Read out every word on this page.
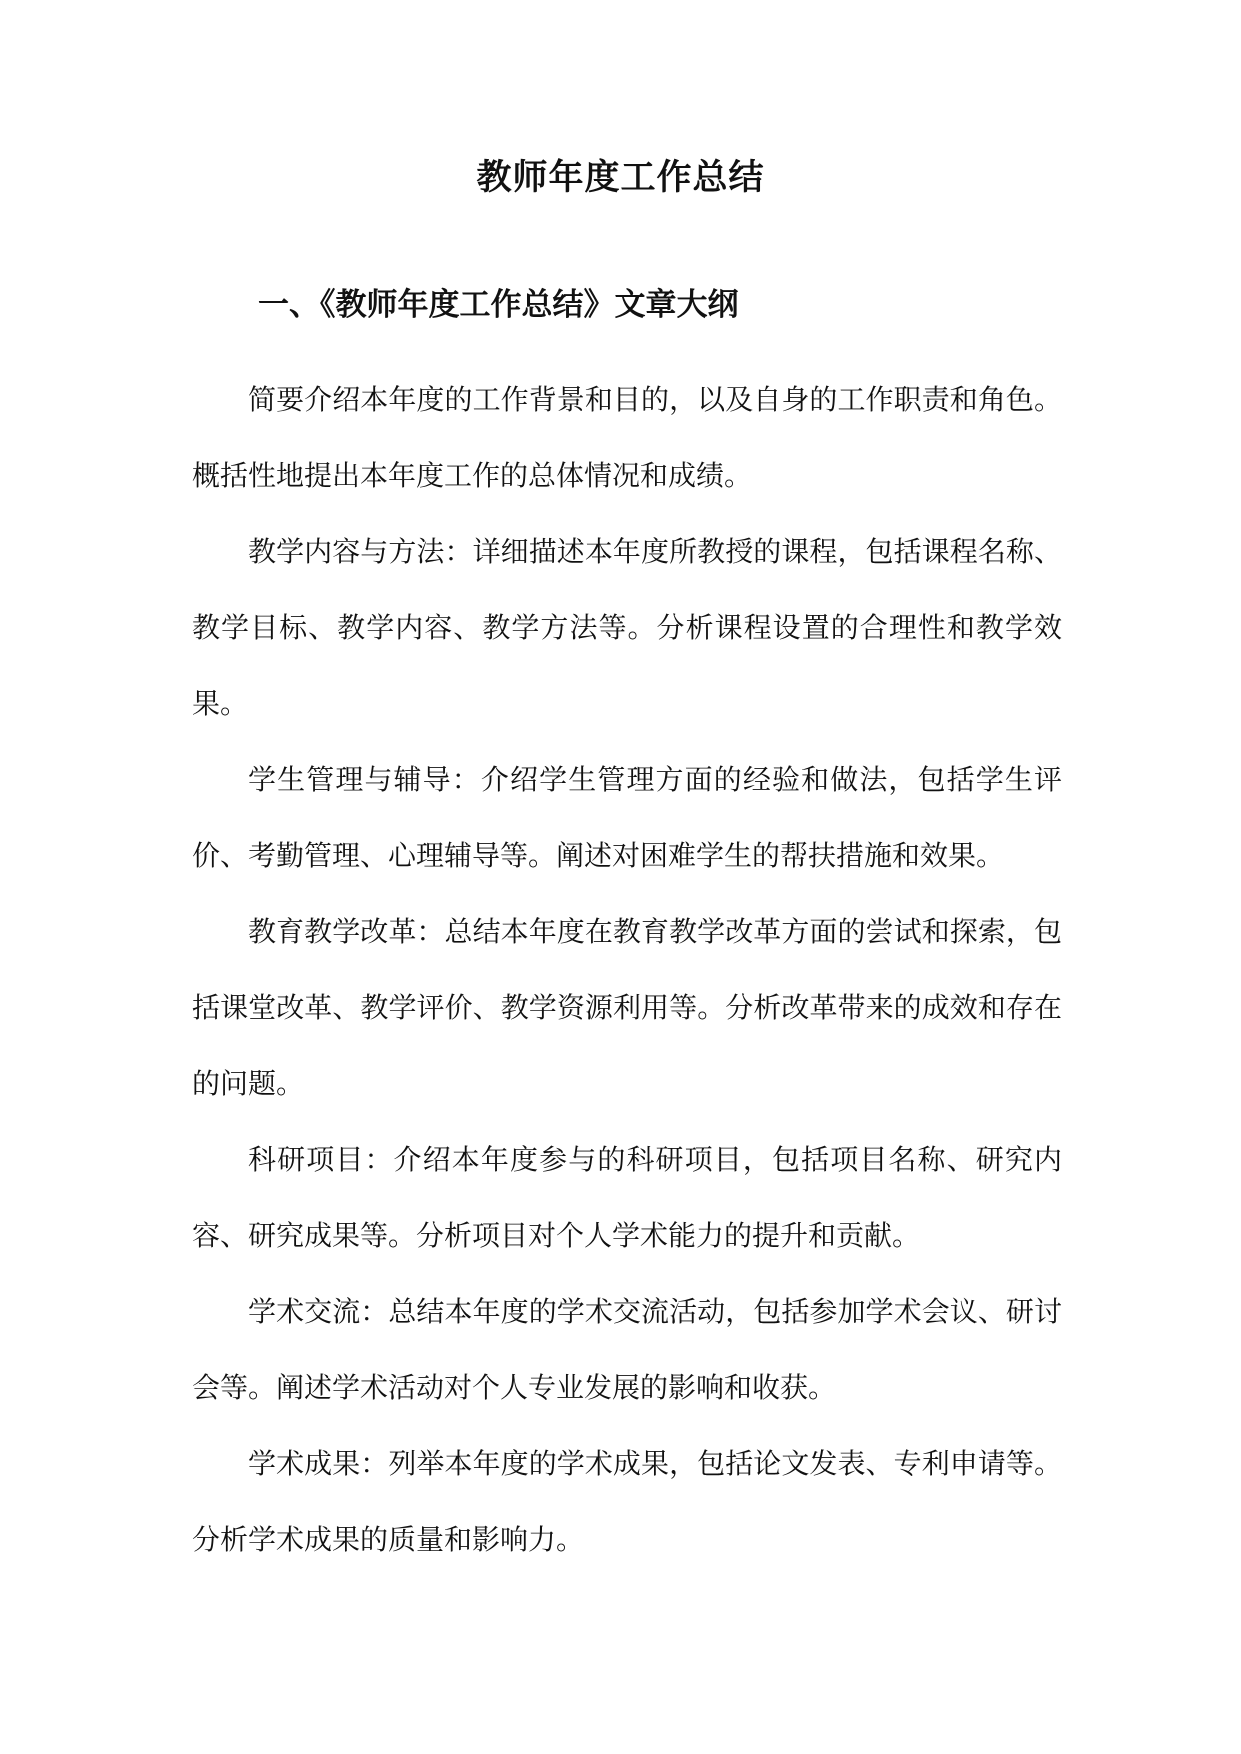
教师年度工作总结
一、《教师年度工作总结》文章大纲

简要介绍本年度的工作背景和目的，以及自身的工作职责和角色。概括性地提出本年度工作的总体情况和成绩。

教学内容与方法：详细描述本年度所教授的课程，包括课程名称、教学目标、教学内容、教学方法等。分析课程设置的合理性和教学效果。

学生管理与辅导：介绍学生管理方面的经验和做法，包括学生评价、考勤管理、心理辅导等。阐述对困难学生的帮扶措施和效果。

教育教学改革：总结本年度在教育教学改革方面的尝试和探索，包括课堂改革、教学评价、教学资源利用等。分析改革带来的成效和存在的问题。

科研项目：介绍本年度参与的科研项目，包括项目名称、研究内容、研究成果等。分析项目对个人学术能力的提升和贡献。

学术交流：总结本年度的学术交流活动，包括参加学术会议、研讨会等。阐述学术活动对个人专业发展的影响和收获。

学术成果：列举本年度的学术成果，包括论文发表、专利申请等。分析学术成果的质量和影响力。
